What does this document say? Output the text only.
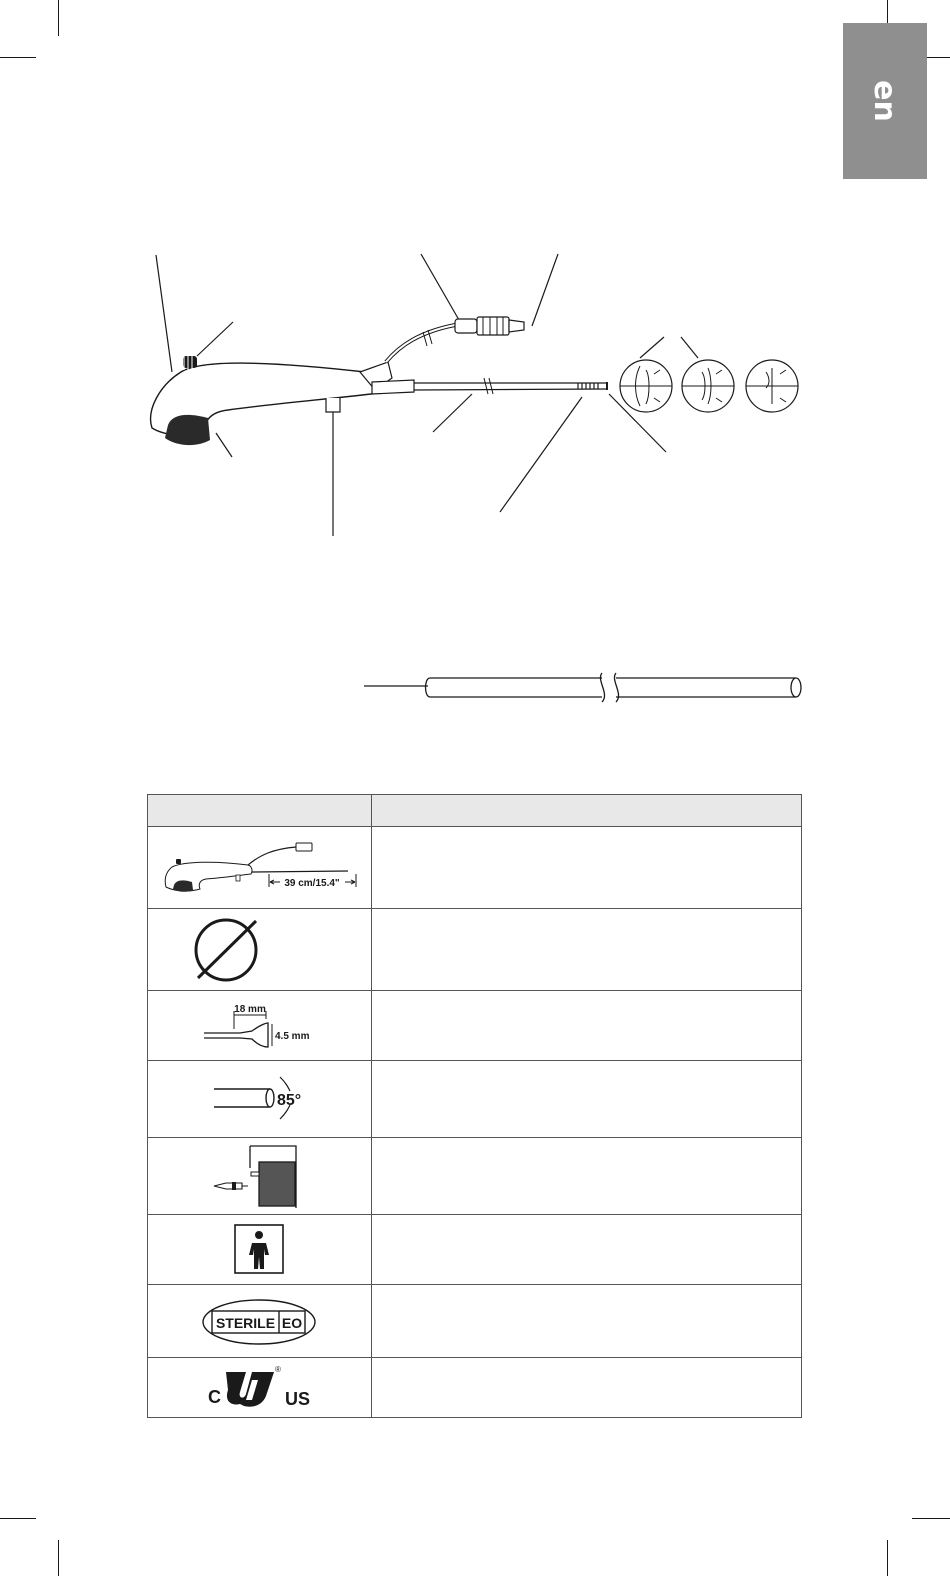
en

39 cm/15.4"	

18 mm
4.5 mm	

85°	

STERILE EO	

C
®
US	
